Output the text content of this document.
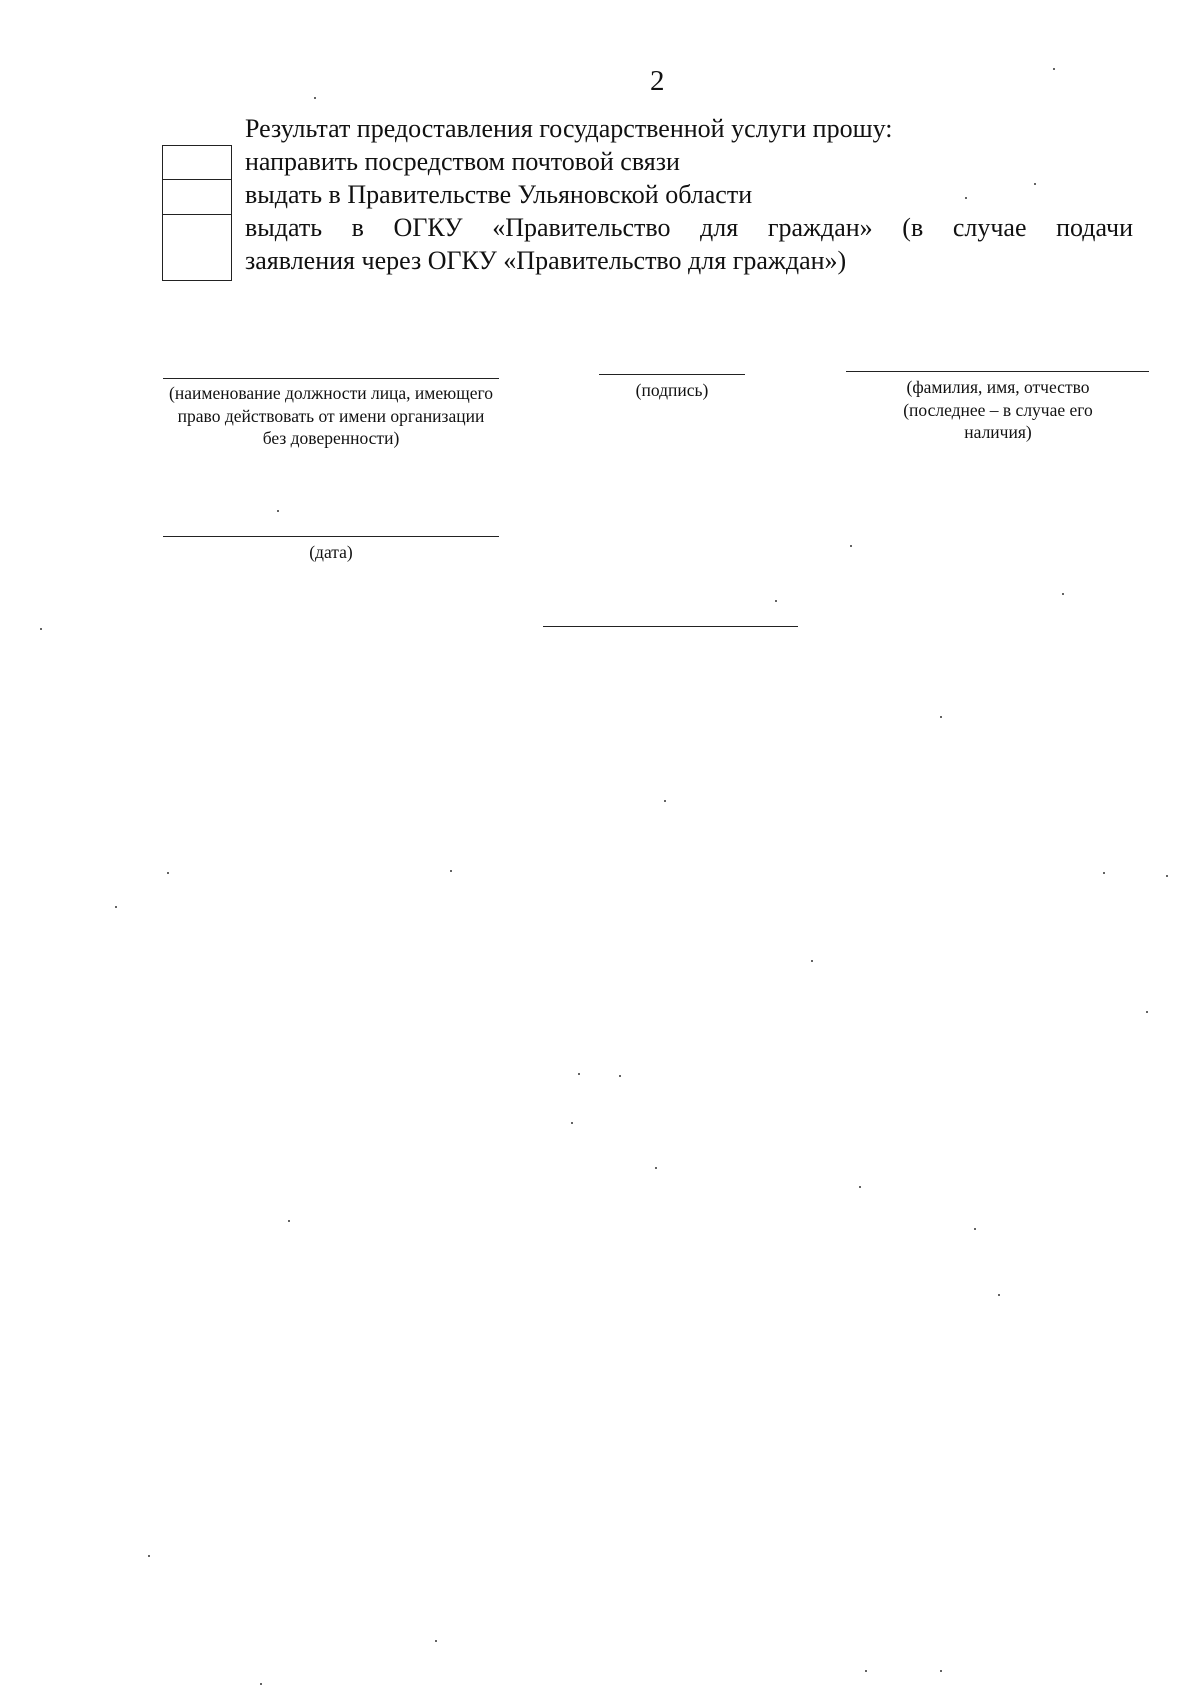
2
Результат предоставления государственной услуги прошу:
направить посредством почтовой связи
выдать в Правительстве Ульяновской области
выдать в ОГКУ «Правительство для граждан» (в случае подачи
заявления через ОГКУ «Правительство для граждан»)
(наименование должности лица, имеющего право действовать от имени организации без доверенности)
(подпись)	(фамилия, имя, отчество (последнее – в случае его наличия)
(дата)
